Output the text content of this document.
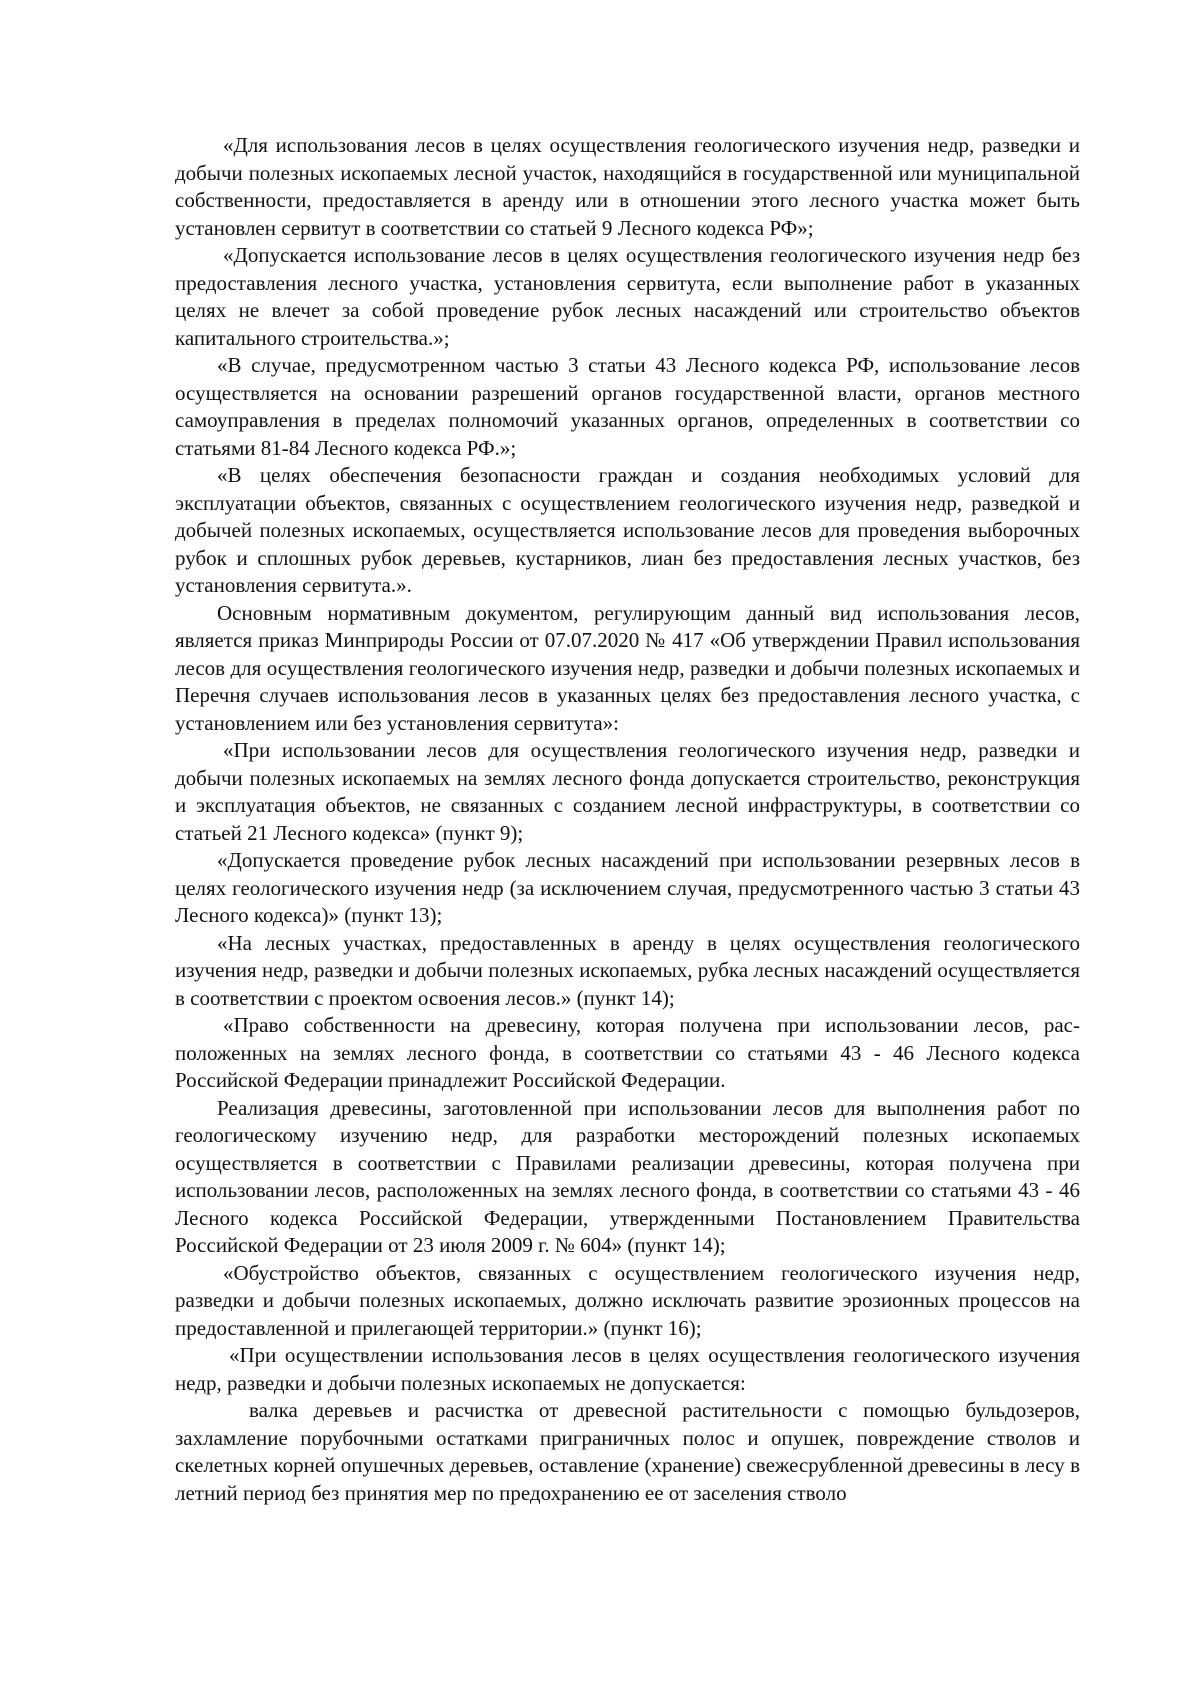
«Для использования лесов в целях осуществления геологического изучения недр, разведки и добычи полезных ископаемых лесной участок, находящийся в государственной или муниципальной собственности, предоставляется в аренду или в отношении этого лесного участка может быть установлен сервитут в соответствии со статьей 9 Лесного кодекса РФ»;

«Допускается использование лесов в целях осуществления геологического изучения недр без предоставления лесного участка, установления сервитута, если выполнение работ в указанных целях не влечет за собой проведение рубок лесных насаждений или строительство объектов капитального строительства.»;

«В случае, предусмотренном частью 3 статьи 43 Лесного кодекса РФ, использование лесов осуществляется на основании разрешений органов государственной власти, органов местного самоуправления в пределах полномочий указанных органов, определенных в соответствии со статьями 81-84 Лесного кодекса РФ.»;

«В целях обеспечения безопасности граждан и создания необходимых условий для эксплуатации объектов, связанных с осуществлением геологического изучения недр, разведкой и добычей полезных ископаемых, осуществляется использование лесов для проведения выборочных рубок и сплошных рубок деревьев, кустарников, лиан без предоставления лесных участков, без установления сервитута.».

Основным нормативным документом, регулирующим данный вид использования лесов, является приказ Минприроды России от 07.07.2020 № 417 «Об утверждении Правил использования лесов для осуществления геологического изучения недр, разведки и добычи полезных ископаемых и Перечня случаев использования лесов в указанных целях без предоставления лесного участка, с установлением или без установления сервитута»:

«При использовании лесов для осуществления геологического изучения недр, разведки и добычи полезных ископаемых на землях лесного фонда допускается строительство, реконструкция и эксплуатация объектов, не связанных с созданием лесной инфраструктуры, в соответствии со статьей 21 Лесного кодекса» (пункт 9);

«Допускается проведение рубок лесных насаждений при использовании резервных лесов в целях геологического изучения недр (за исключением случая, предусмотренного частью 3 статьи 43 Лесного кодекса)» (пункт 13);

«На лесных участках, предоставленных в аренду в целях осуществления геологического изучения недр, разведки и добычи полезных ископаемых, рубка лесных насаждений осуществляется в соответствии с проектом освоения лесов.» (пункт 14);

«Право собственности на древесину, которая получена при использовании лесов, расположенных на землях лесного фонда, в соответствии со статьями 43 - 46 Лесного кодекса Российской Федерации принадлежит Российской Федерации.

Реализация древесины, заготовленной при использовании лесов для выполнения работ по геологическому изучению недр, для разработки месторождений полезных ископаемых осуществляется в соответствии с Правилами реализации древесины, которая получена при использовании лесов, расположенных на землях лесного фонда, в соответствии со статьями 43 - 46 Лесного кодекса Российской Федерации, утвержденными Постановлением Правительства Российской Федерации от 23 июля 2009 г. № 604» (пункт 14);

«Обустройство объектов, связанных с осуществлением геологического изучения недр, разведки и добычи полезных ископаемых, должно исключать развитие эрозионных процессов на предоставленной и прилегающей территории.» (пункт 16);

«При осуществлении использования лесов в целях осуществления геологического изучения недр, разведки и добычи полезных ископаемых не допускается:

валка деревьев и расчистка от древесной растительности с помощью бульдозеров, захламление порубочными остатками приграничных полос и опушек, повреждение стволов и скелетных корней опушечных деревьев, оставление (хранение) свежесрубленной древесины в лесу в летний период без принятия мер по предохранению ее от заселения стволо
